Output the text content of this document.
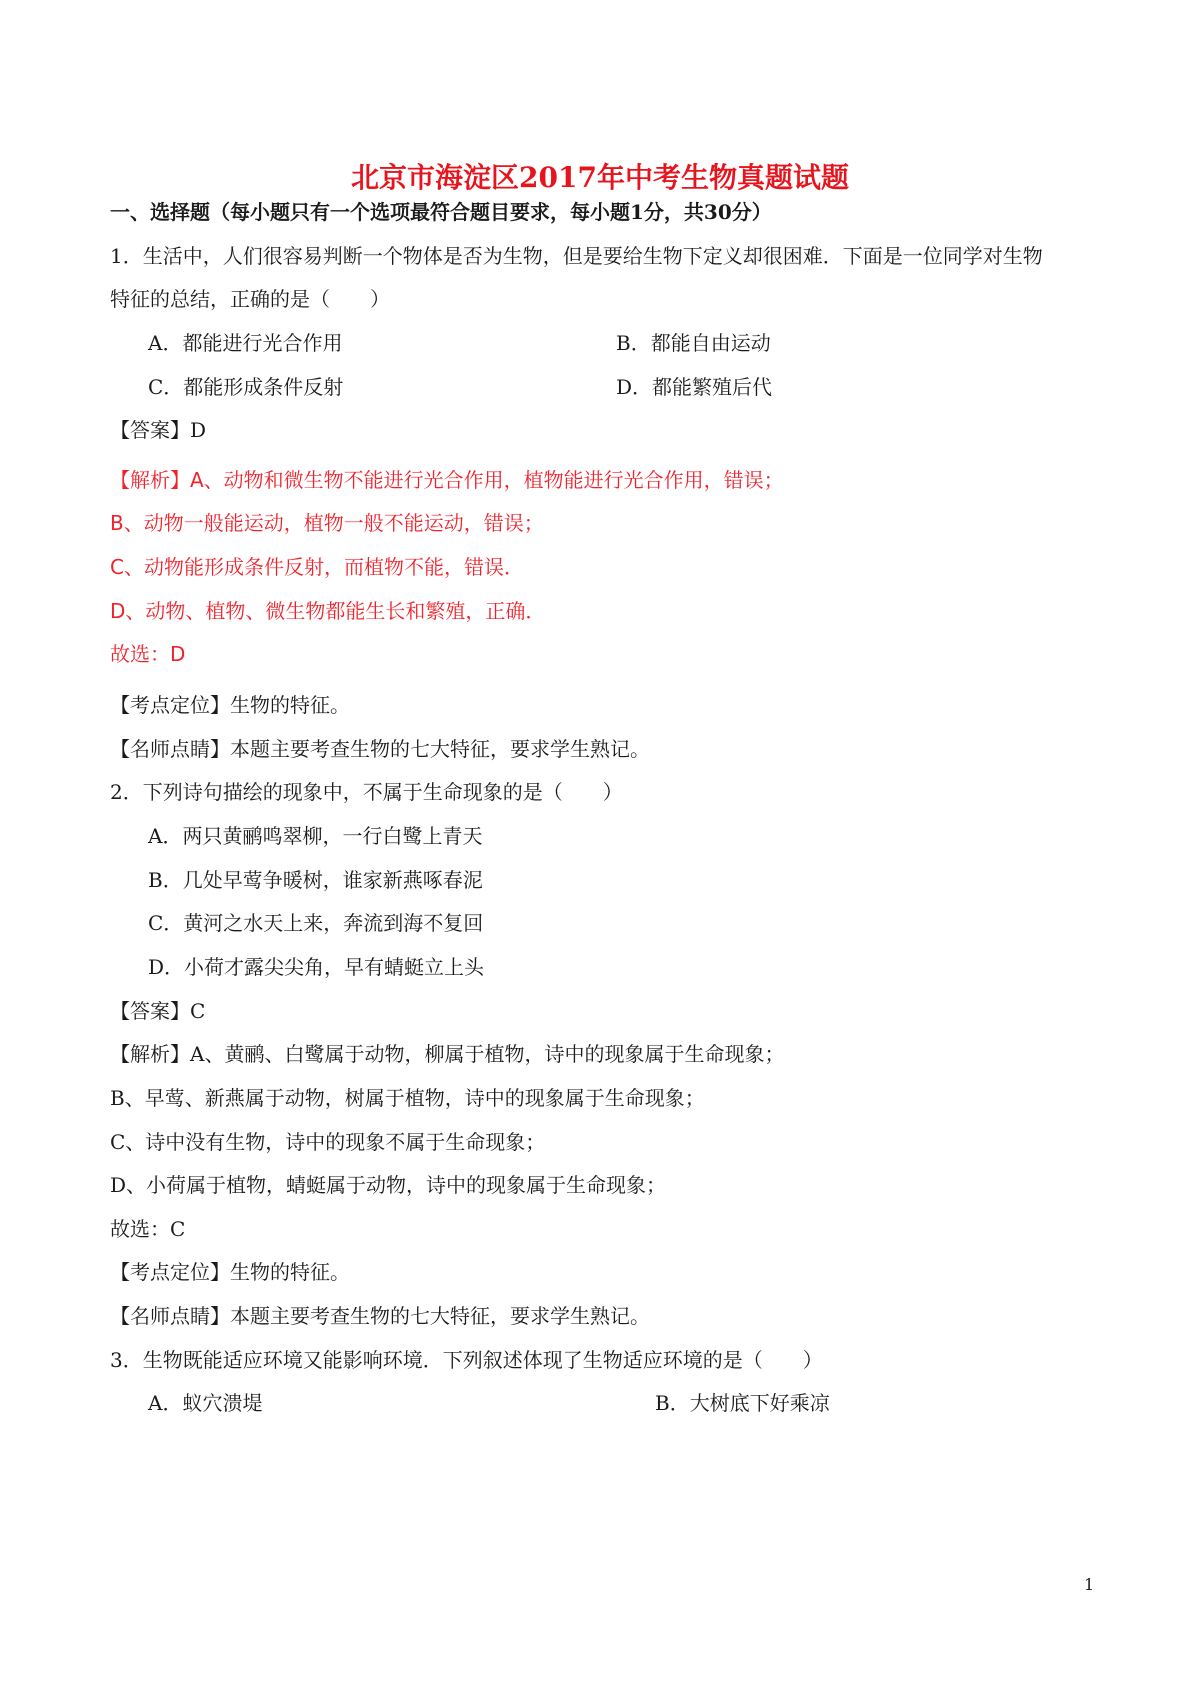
北京市海淀区2017年中考生物真题试题
一、选择题（每小题只有一个选项最符合题目要求，每小题1分，共30分）
1．生活中，人们很容易判断一个物体是否为生物，但是要给生物下定义却很困难．下面是一位同学对生物
特征的总结，正确的是（　　）
A．都能进行光合作用	B．都能自由运动
C．都能形成条件反射	D．都能繁殖后代
【答案】D
【解析】A、动物和微生物不能进行光合作用，植物能进行光合作用，错误；
B、动物一般能运动，植物一般不能运动，错误；
C、动物能形成条件反射，而植物不能，错误．
D、动物、植物、微生物都能生长和繁殖，正确．
故选：D
【考点定位】生物的特征。
【名师点睛】本题主要考查生物的七大特征，要求学生熟记。
2．下列诗句描绘的现象中，不属于生命现象的是（　　）
A．两只黄鹂鸣翠柳，一行白鹭上青天
B．几处早莺争暖树，谁家新燕啄春泥
C．黄河之水天上来，奔流到海不复回
D．小荷才露尖尖角，早有蜻蜓立上头
【答案】C
【解析】A、黄鹂、白鹭属于动物，柳属于植物，诗中的现象属于生命现象；
B、早莺、新燕属于动物，树属于植物，诗中的现象属于生命现象；
C、诗中没有生物，诗中的现象不属于生命现象；
D、小荷属于植物，蜻蜓属于动物，诗中的现象属于生命现象；
故选：C
【考点定位】生物的特征。
【名师点睛】本题主要考查生物的七大特征，要求学生熟记。
3．生物既能适应环境又能影响环境．下列叙述体现了生物适应环境的是（　　）
A．蚁穴溃堤	B．大树底下好乘凉
1
